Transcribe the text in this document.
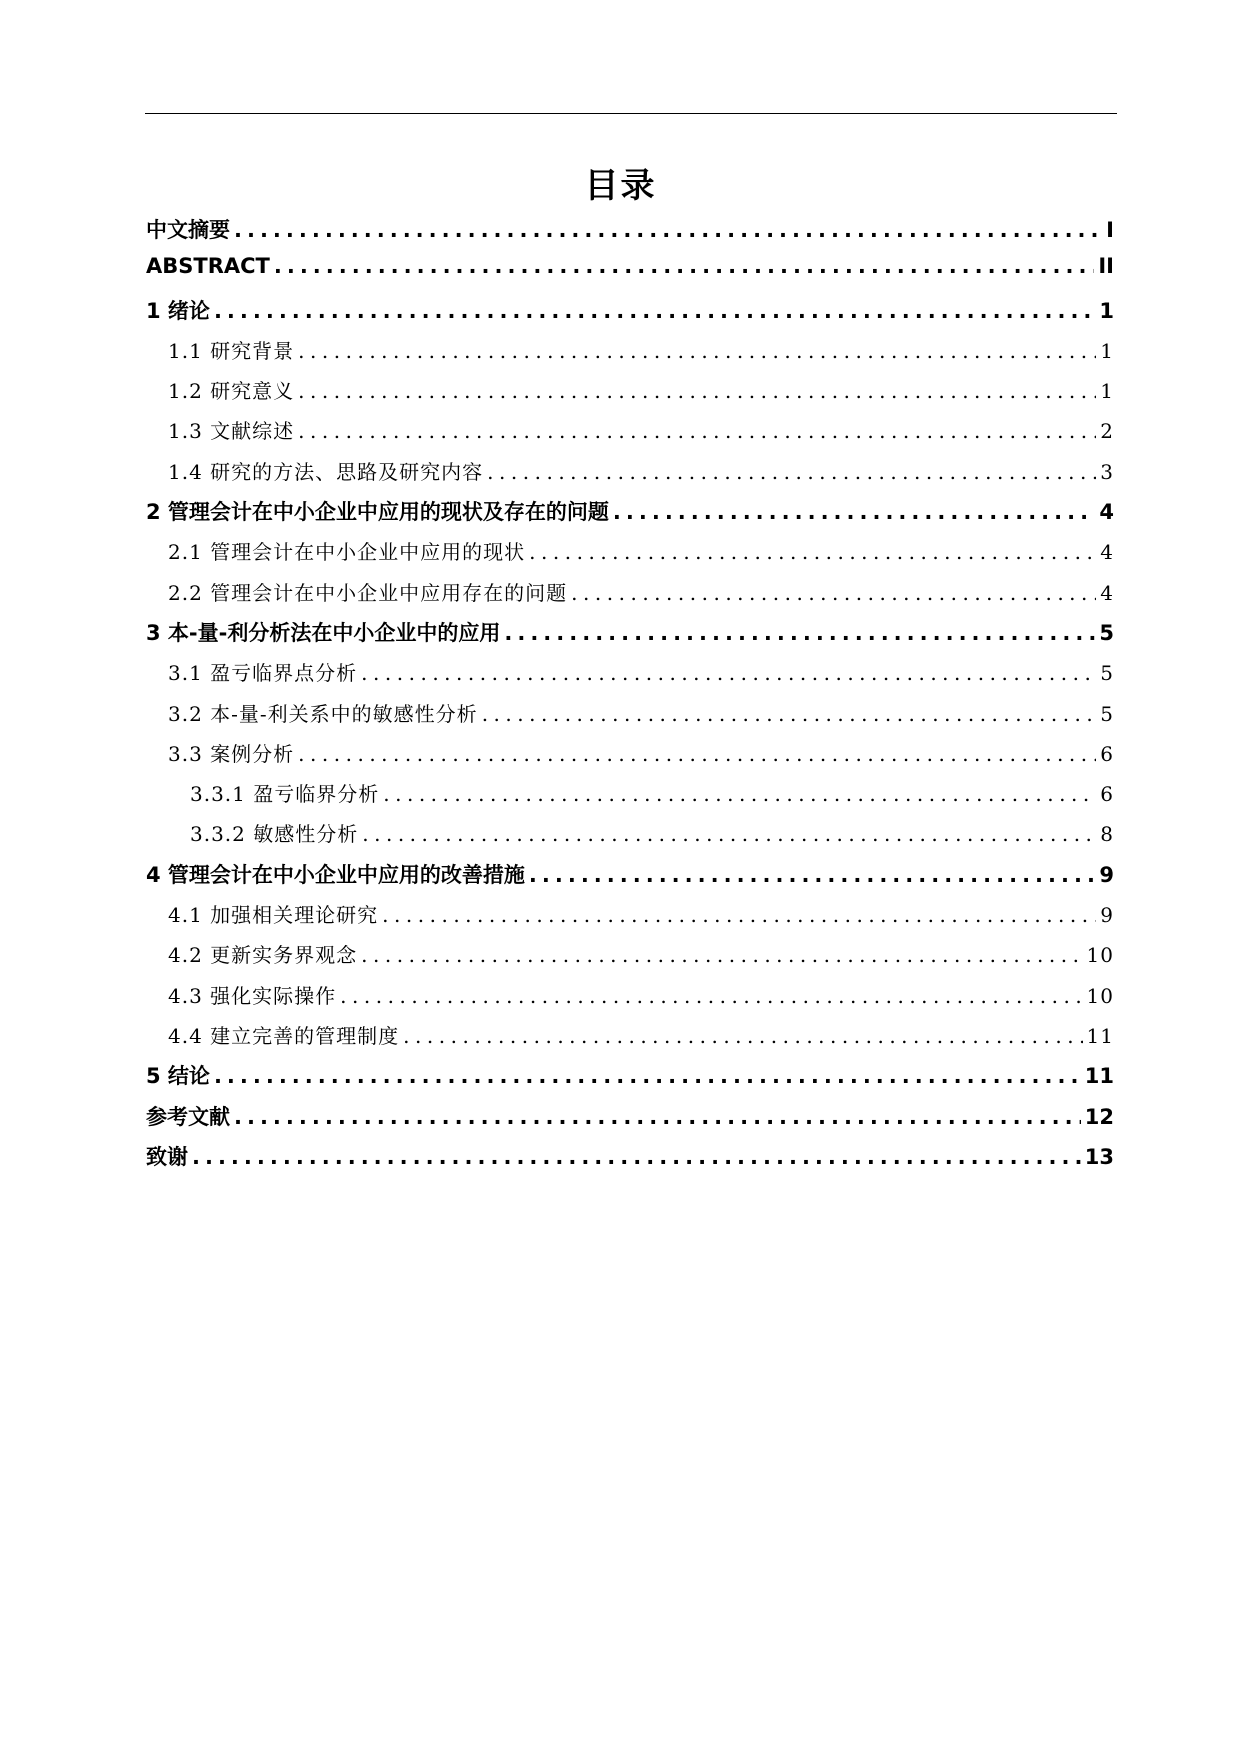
目录
中文摘要 .....	I
ABSTRACT .....	II
1 绪论 .....	1
1.1 研究背景 .....	1
1.2 研究意义 .....	1
1.3 文献综述 .....	2
1.4 研究的方法、思路及研究内容 .....	3
2 管理会计在中小企业中应用的现状及存在的问题 .....	4
2.1 管理会计在中小企业中应用的现状 .....	4
2.2 管理会计在中小企业中应用存在的问题 .....	4
3 本-量-利分析法在中小企业中的应用 .....	5
3.1 盈亏临界点分析 .....	5
3.2 本-量-利关系中的敏感性分析 .....	5
3.3 案例分析 .....	6
3.3.1 盈亏临界分析 .....	6
3.3.2 敏感性分析 .....	8
4 管理会计在中小企业中应用的改善措施 .....	9
4.1 加强相关理论研究 .....	9
4.2 更新实务界观念 .....	10
4.3 强化实际操作 .....	10
4.4 建立完善的管理制度 .....	11
5 结论 .....	11
参考文献 .....	12
致谢 .....	13
